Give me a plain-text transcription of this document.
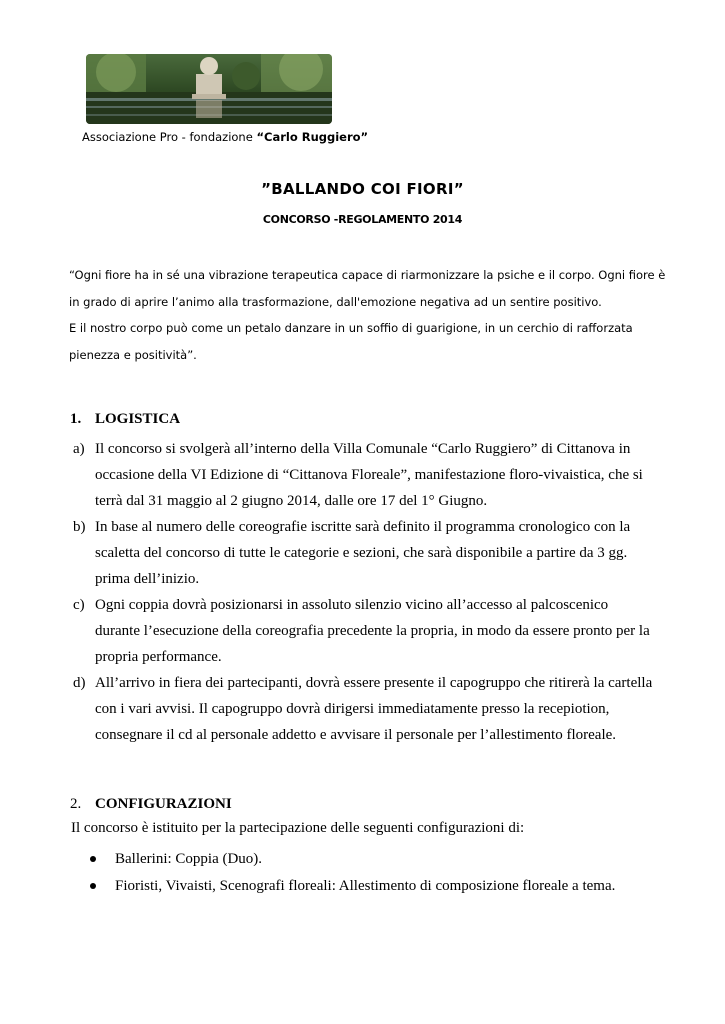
Associazione Pro - fondazione “Carlo Ruggiero”
”BALLANDO COI FIORI”
CONCORSO -REGOLAMENTO 2014

“Ogni fiore ha in sé una vibrazione terapeutica capace di riarmonizzare la psiche e il corpo. Ogni fiore è in grado di aprire l’animo alla trasformazione, dall'emozione negativa ad un sentire positivo.

E il nostro corpo può come un petalo danzare in un soffio di guarigione, in un cerchio di rafforzata pienezza e positività”.

1. LOGISTICA
a) Il concorso si svolgerà all’interno della Villa Comunale “Carlo Ruggiero” di Cittanova in occasione della VI Edizione di “Cittanova Floreale”, manifestazione floro-vivaistica, che si terrà dal 31 maggio al 2 giugno 2014, dalle ore 17 del 1° Giugno.
b) In base al numero delle coreografie iscritte sarà definito il programma cronologico con la scaletta del concorso di tutte le categorie e sezioni, che sarà disponibile a partire da 3 gg. prima dell’inizio.
c) Ogni coppia dovrà posizionarsi in assoluto silenzio vicino all’accesso al palcoscenico durante l’esecuzione della coreografia precedente la propria, in modo da essere pronto per la propria performance.
d) All’arrivo in fiera dei partecipanti, dovrà essere presente il capogruppo che ritirerà la cartella con i vari avvisi. Il capogruppo dovrà dirigersi immediatamente presso la recepiotion, consegnare il cd al personale addetto e avvisare il personale per l’allestimento floreale.
2. CONFIGURAZIONI
Il concorso è istituito per la partecipazione delle seguenti configurazioni di:
Ballerini: Coppia (Duo).
Fioristi, Vivaisti, Scenografi floreali: Allestimento di composizione floreale a tema.
